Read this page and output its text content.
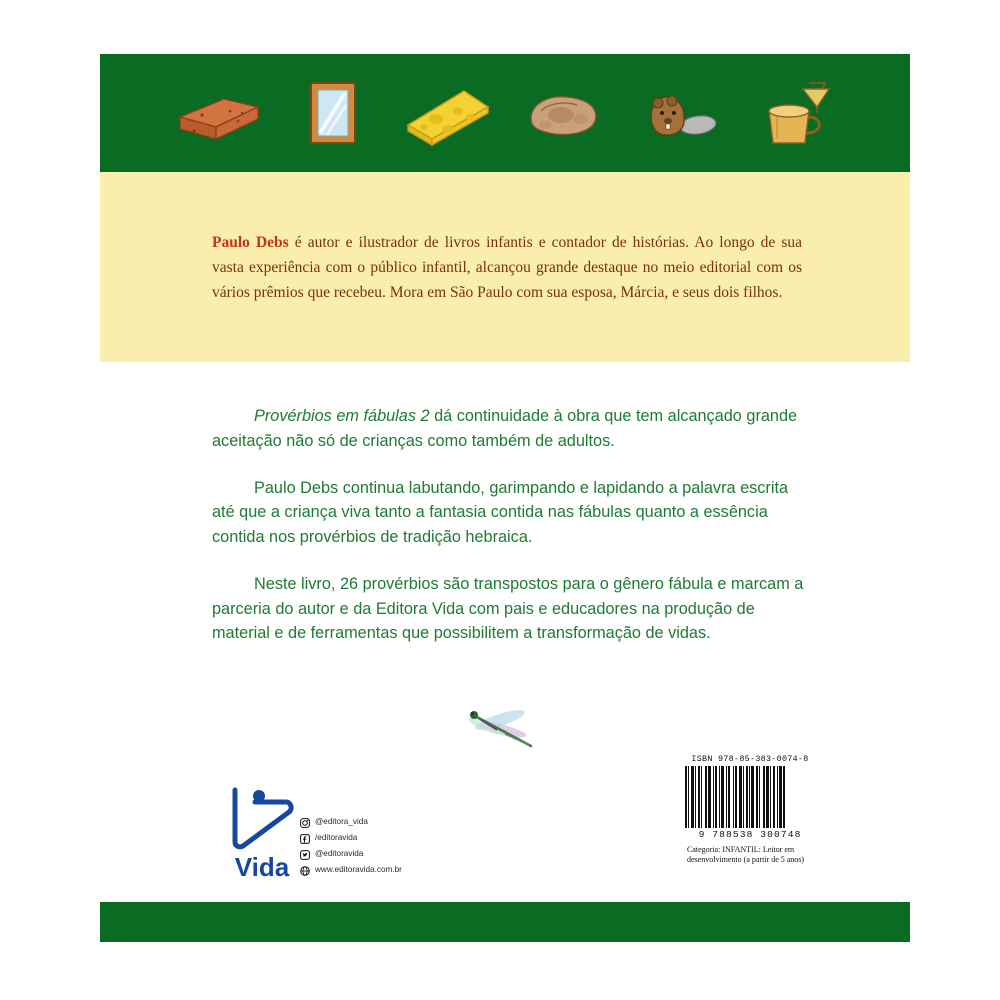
Paulo Debs é autor e ilustrador de livros infantis e contador de histórias. Ao longo de sua vasta experiência com o público infantil, alcançou grande destaque no meio editorial com os vários prêmios que recebeu. Mora em São Paulo com sua esposa, Márcia, e seus dois filhos.

Provérbios em fábulas 2 dá continuidade à obra que tem alcançado grande aceitação não só de crianças como também de adultos.

Paulo Debs continua labutando, garimpando e lapidando a palavra escrita até que a criança viva tanto a fantasia contida nas fábulas quanto a essência contida nos provérbios de tradição hebraica.

Neste livro, 26 provérbios são transpostos para o gênero fábula e marcam a parceria do autor e da Editora Vida com pais e educadores na produção de material e de ferramentas que possibilitem a transformação de vidas.

Vida
@editora_vida
/editoravida
@editoravida
www.editoravida.com.br
ISBN 978-85-383-0074-8
9 788538 300748
Categoria: INFANTIL: Leitor em desenvolvimento (a partir de 5 anos)
